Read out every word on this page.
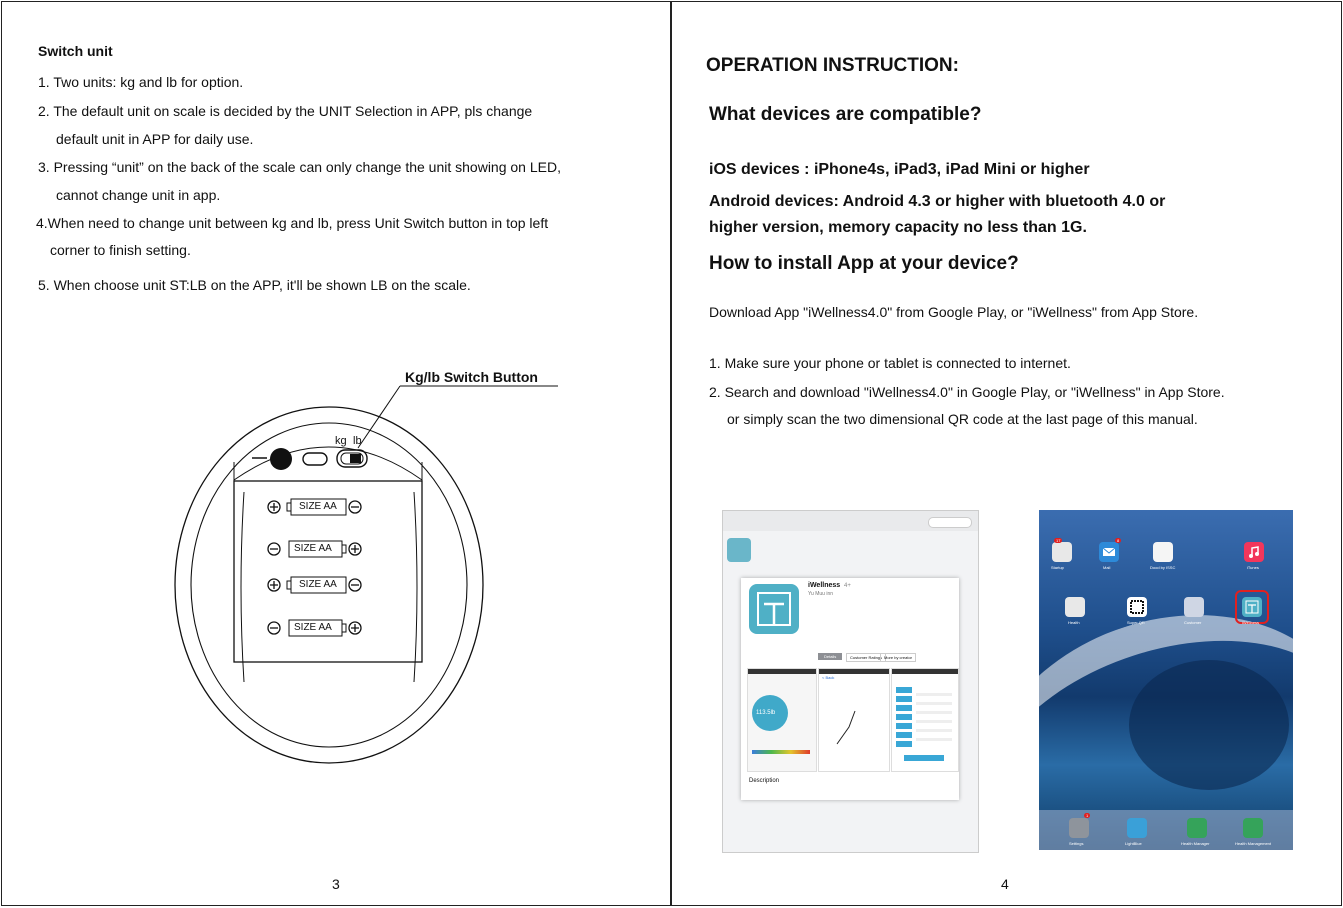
Switch unit
1. Two units: kg and lb for option.
2. The default unit on scale is decided by the UNIT Selection in APP, pls change
default unit in APP for daily use.
3. Pressing “unit” on the back of the scale can only change the unit showing on LED,
cannot change unit in app.
4.When need to change unit between kg and lb, press Unit Switch button in top left
corner to finish setting.
5. When choose unit ST:LB on the APP, it'll be shown LB on the scale.
Kg/lb Switch Button
kg lb
SIZE AA
SIZE AA
SIZE AA
SIZE AA
3
OPERATION INSTRUCTION:
What devices are compatible?
iOS devices : iPhone4s, iPad3, iPad Mini or higher
Android devices: Android 4.3 or higher with bluetooth 4.0 or
higher version, memory capacity no less than 1G.
How to install App at your device?
Download App "iWellness4.0" from Google Play, or "iWellness" from App Store.
1. Make sure your phone or tablet is connected to internet.
2. Search and download "iWellness4.0" in Google Play, or "iWellness" in App Store.
or simply scan the two dimensional QR code at the last page of this manual.
iWellness 4+
Yu Muu inn
Details	Customer Ratings More by creator
113.5lb
< Back
Description
17
Startup
8
Mail	Dood by ISSC	iTunes
Health	Super QR	Customer	iWellness
1
Settings	LightBlue	Health Manager	Health Management
4
